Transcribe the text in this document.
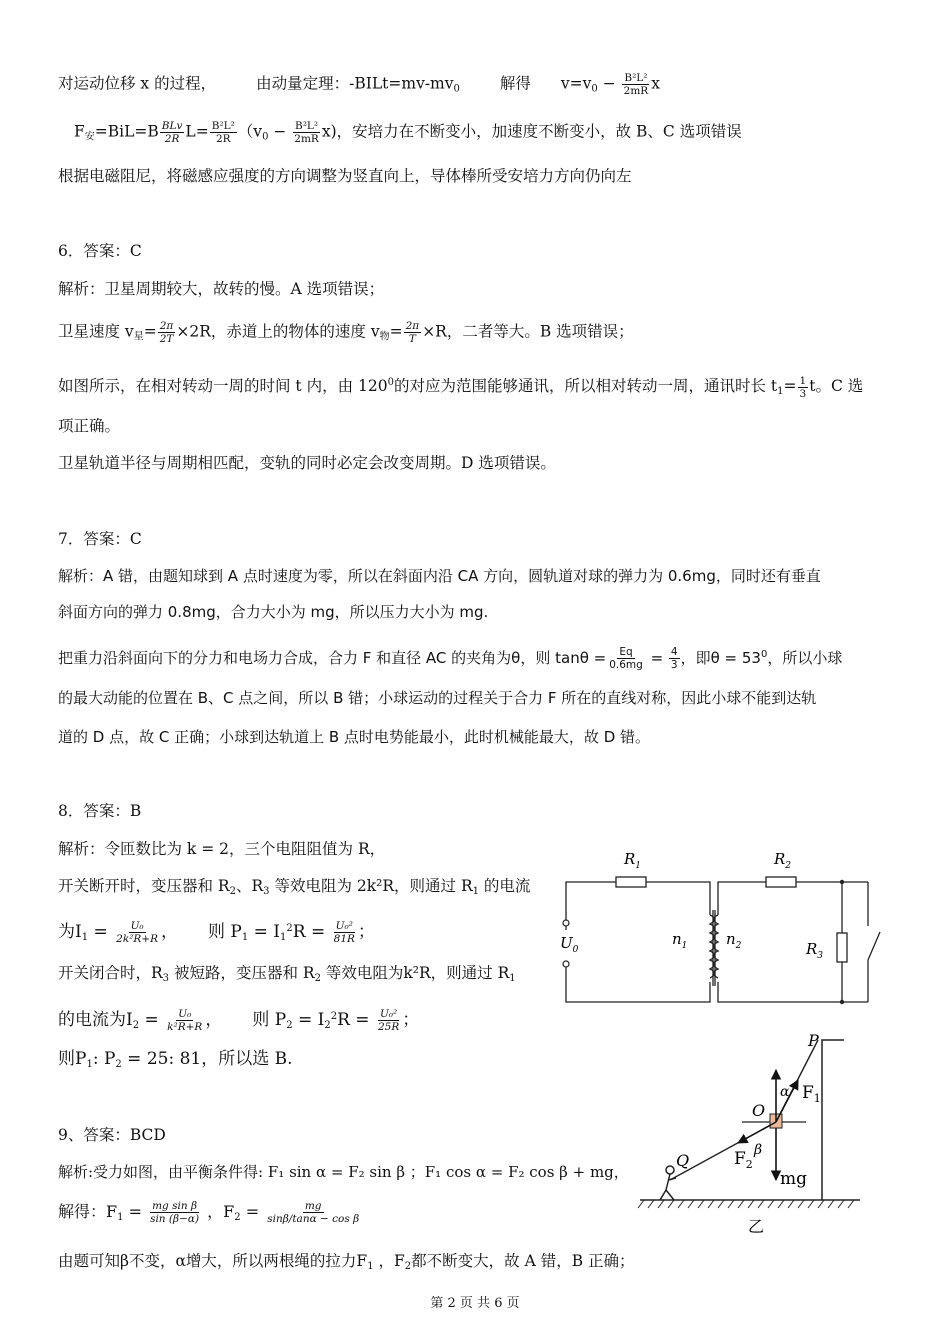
对运动位移 x 的过程，	由动量定理：$-BILt=mv-mv_0$	解得 $v=v_0 - \frac{\text{B²L²}}{2mR}$ x
$F_安=BiL=B \frac{\text{BLv}}{2R} L= \frac{\text{B²L²}}{2R} (v_0 - \frac{\text{B²L²}}{2mR} x)$，安培力在不断变小，加速度不断变小，故 B、C 选项错误
根据电磁阻尼，将磁感应强度的方向调整为竖直向上，导体棒所受安培力方向仍向左
6．答案：C
解析：卫星周期较大，故转的慢。A 选项错误；
卫星速度 $v_星= \frac{2\pi}{2T} \times 2R$，赤道上的物体的速度 $v_物= \frac{2\pi}{T} \times R$，二者等大。B 选项错误；
如图所示，在相对转动一周的时间 t 内，由 $120^0$的对应为范围能够通讯，所以相对转动一周，通讯时长 $t_1= \frac{1}{3}$ t。C 选
项正确。
卫星轨道半径与周期相匹配，变轨的同时必定会改变周期。D 选项错误。
7．答案：C
解析：A 错，由题知球到 A 点时速度为零，所以在斜面内沿 CA 方向，圆轨道对球的弹力为 0.6mg，同时还有垂直
斜面方向的弹力 0.8mg，合力大小为 mg，所以压力大小为 mg.
把重力沿斜面向下的分力和电场力合成，合力 F 和直径 AC 的夹角为θ，则 $\tan\theta = \frac{Eq}{0.6mg} = \frac{4}{3}$ ，即$\theta = 53^0$，所以小球
的最大动能的位置在 B、C 点之间，所以 B 错；小球运动的过程关于合力 F 所在的直线对称，因此小球不能到达轨
道的 D 点，故 C 正确；小球到达轨道上 B 点时电势能最小，此时机械能最大，故 D 错。
8．答案：B
解析：令匝数比为 k = 2，三个电阻阻值为 R，
开关断开时，变压器和 $R_2$、$R_3$ 等效电阻为 2k²R，则通过 $R_1$ 的电流
为$I_1 = \frac{\text{U₀}}{\text{2k²R+R}}$ ， 则 $P_1 = I_1^2R = \frac{\text{U₀²}}{81R}$ ；
开关闭合时，$R_3$ 被短路，变压器和 $R_2$ 等效电阻为k²R，则通过 $R_1$
的电流为$I_2 = \frac{\text{U₀}}{\text{k²R+R}}$ ， 则 $P_2 = I_2^2R = \frac{\text{U₀²}}{25R}$ ；
则$P_1$: $P_2 = 25$: 81，所以选 B.
$R_1$	$R_2$
$R_3$
$U_0$
$n_1$	$n_2$
9、答案：BCD
解析:受力如图，由平衡条件得: F₁ sin α = F₂ sin β ；F₁ cos α = F₂ cos β + mg，
解得：$F_1 = \frac{\text{mg sin β}}{\sin (\beta-\alpha)}$ ，$F_2 = \frac{mg}{\text{sinβ/tanα − cos β}}$
由题可知β不变，α增大，所以两根绳的拉力$F_1$ ，$F_2$都不断变大，故 A 错，B 正确；
P
O
Q
α
β
$F_1$
$F_2$
mg
乙
第 2 页 共 6 页
